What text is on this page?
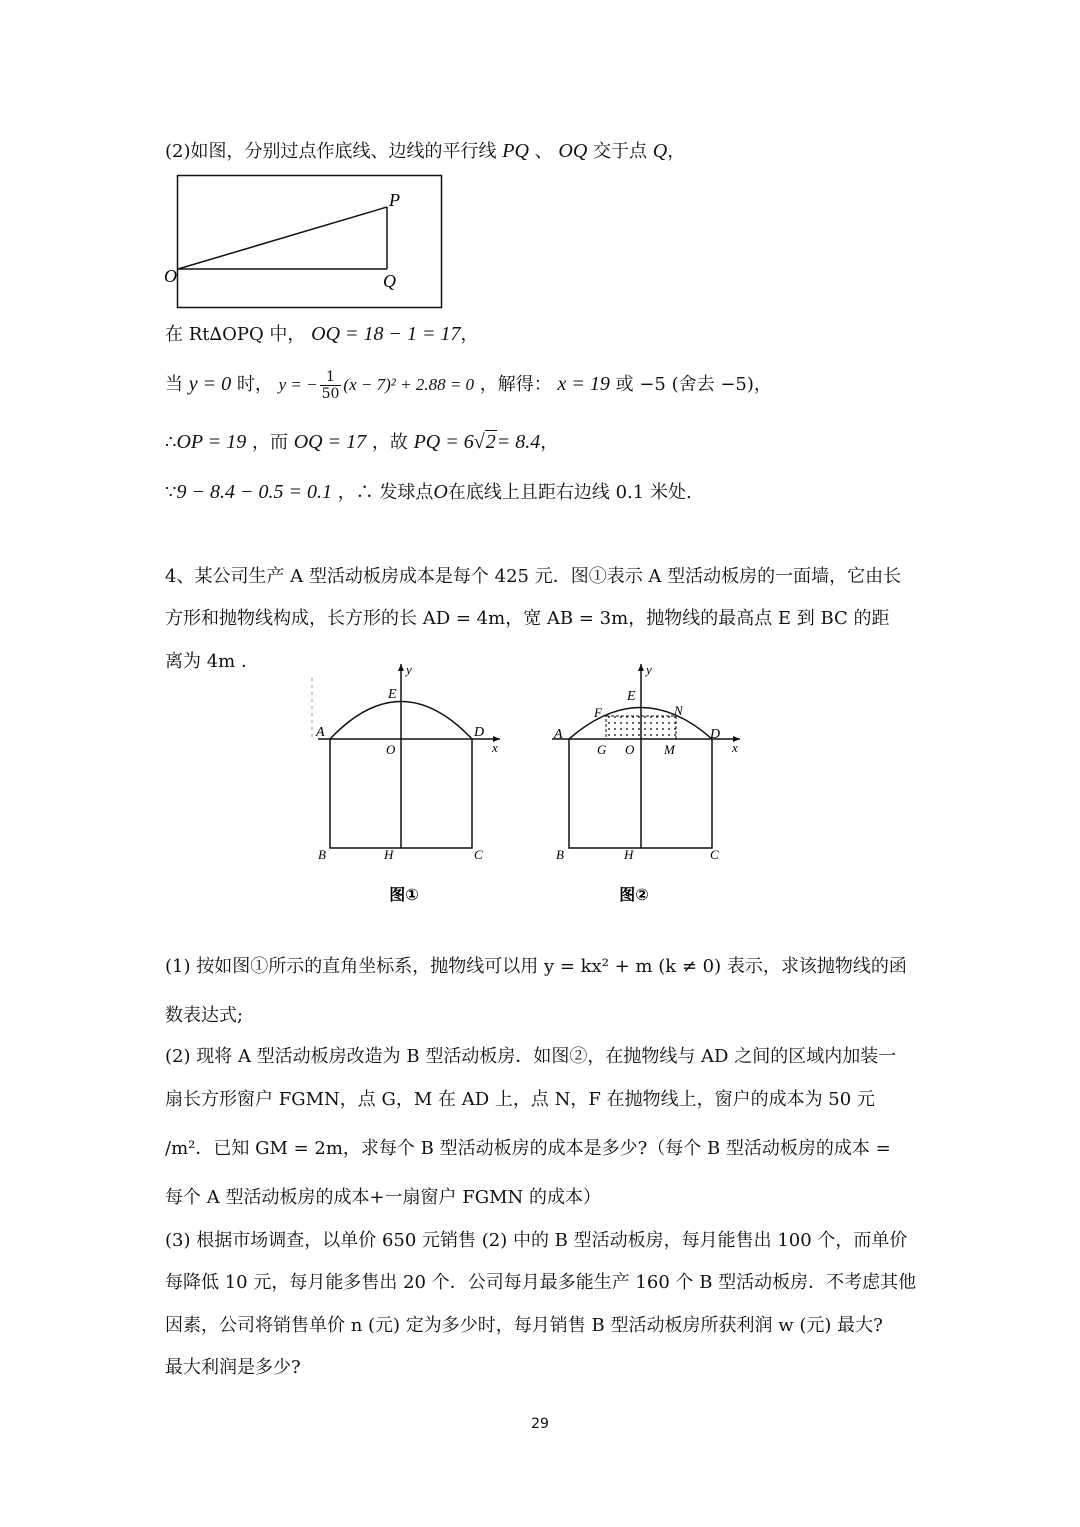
(2)如图，分别过点作底线、边线的平行线 PQ 、 OQ 交于点 Q，
O
P
Q
在 Rt∆OPQ 中， OQ = 18 − 1 = 17，
当 y = 0 时， y = − $\frac{1}{50} (x - 7)^2 + 2.88 = 0$ ，解得： x = 19 或 −5 (舍去 −5)，
∴OP = 19 ，而 OQ = 17 ，故 PQ = 6√2= 8.4，
∵9 − 8.4 − 0.5 = 0.1 ，∴ 发球点O在底线上且距右边线 0.1 米处.
4、某公司生产 A 型活动板房成本是每个 425 元．图①表示 A 型活动板房的一面墙，它由长
方形和抛物线构成，长方形的长 AD = 4m，宽 AB = 3m，抛物线的最高点 E 到 BC 的距
离为 4m ．	y
E
A	D
O	x
B	H	C
图①
y
E
F	N
A	D
G O M	x
B	H	C
图②
(1) 按如图①所示的直角坐标系，抛物线可以用 y = kx² + m (k ≠ 0) 表示，求该抛物线的函
数表达式;
(2) 现将 A 型活动板房改造为 B 型活动板房．如图②，在抛物线与 AD 之间的区域内加装一
扇长方形窗户 FGMN，点 G，M 在 AD 上，点 N，F 在抛物线上，窗户的成本为 50 元
/m²．已知 GM = 2m，求每个 B 型活动板房的成本是多少?（每个 B 型活动板房的成本 =
每个 A 型活动板房的成本+一扇窗户 FGMN 的成本）
(3) 根据市场调查，以单价 650 元销售 (2) 中的 B 型活动板房，每月能售出 100 个，而单价
每降低 10 元，每月能多售出 20 个．公司每月最多能生产 160 个 B 型活动板房．不考虑其他
因素，公司将销售单价 n (元) 定为多少时，每月销售 B 型活动板房所获利润 w (元) 最大?
最大利润是多少?
29
